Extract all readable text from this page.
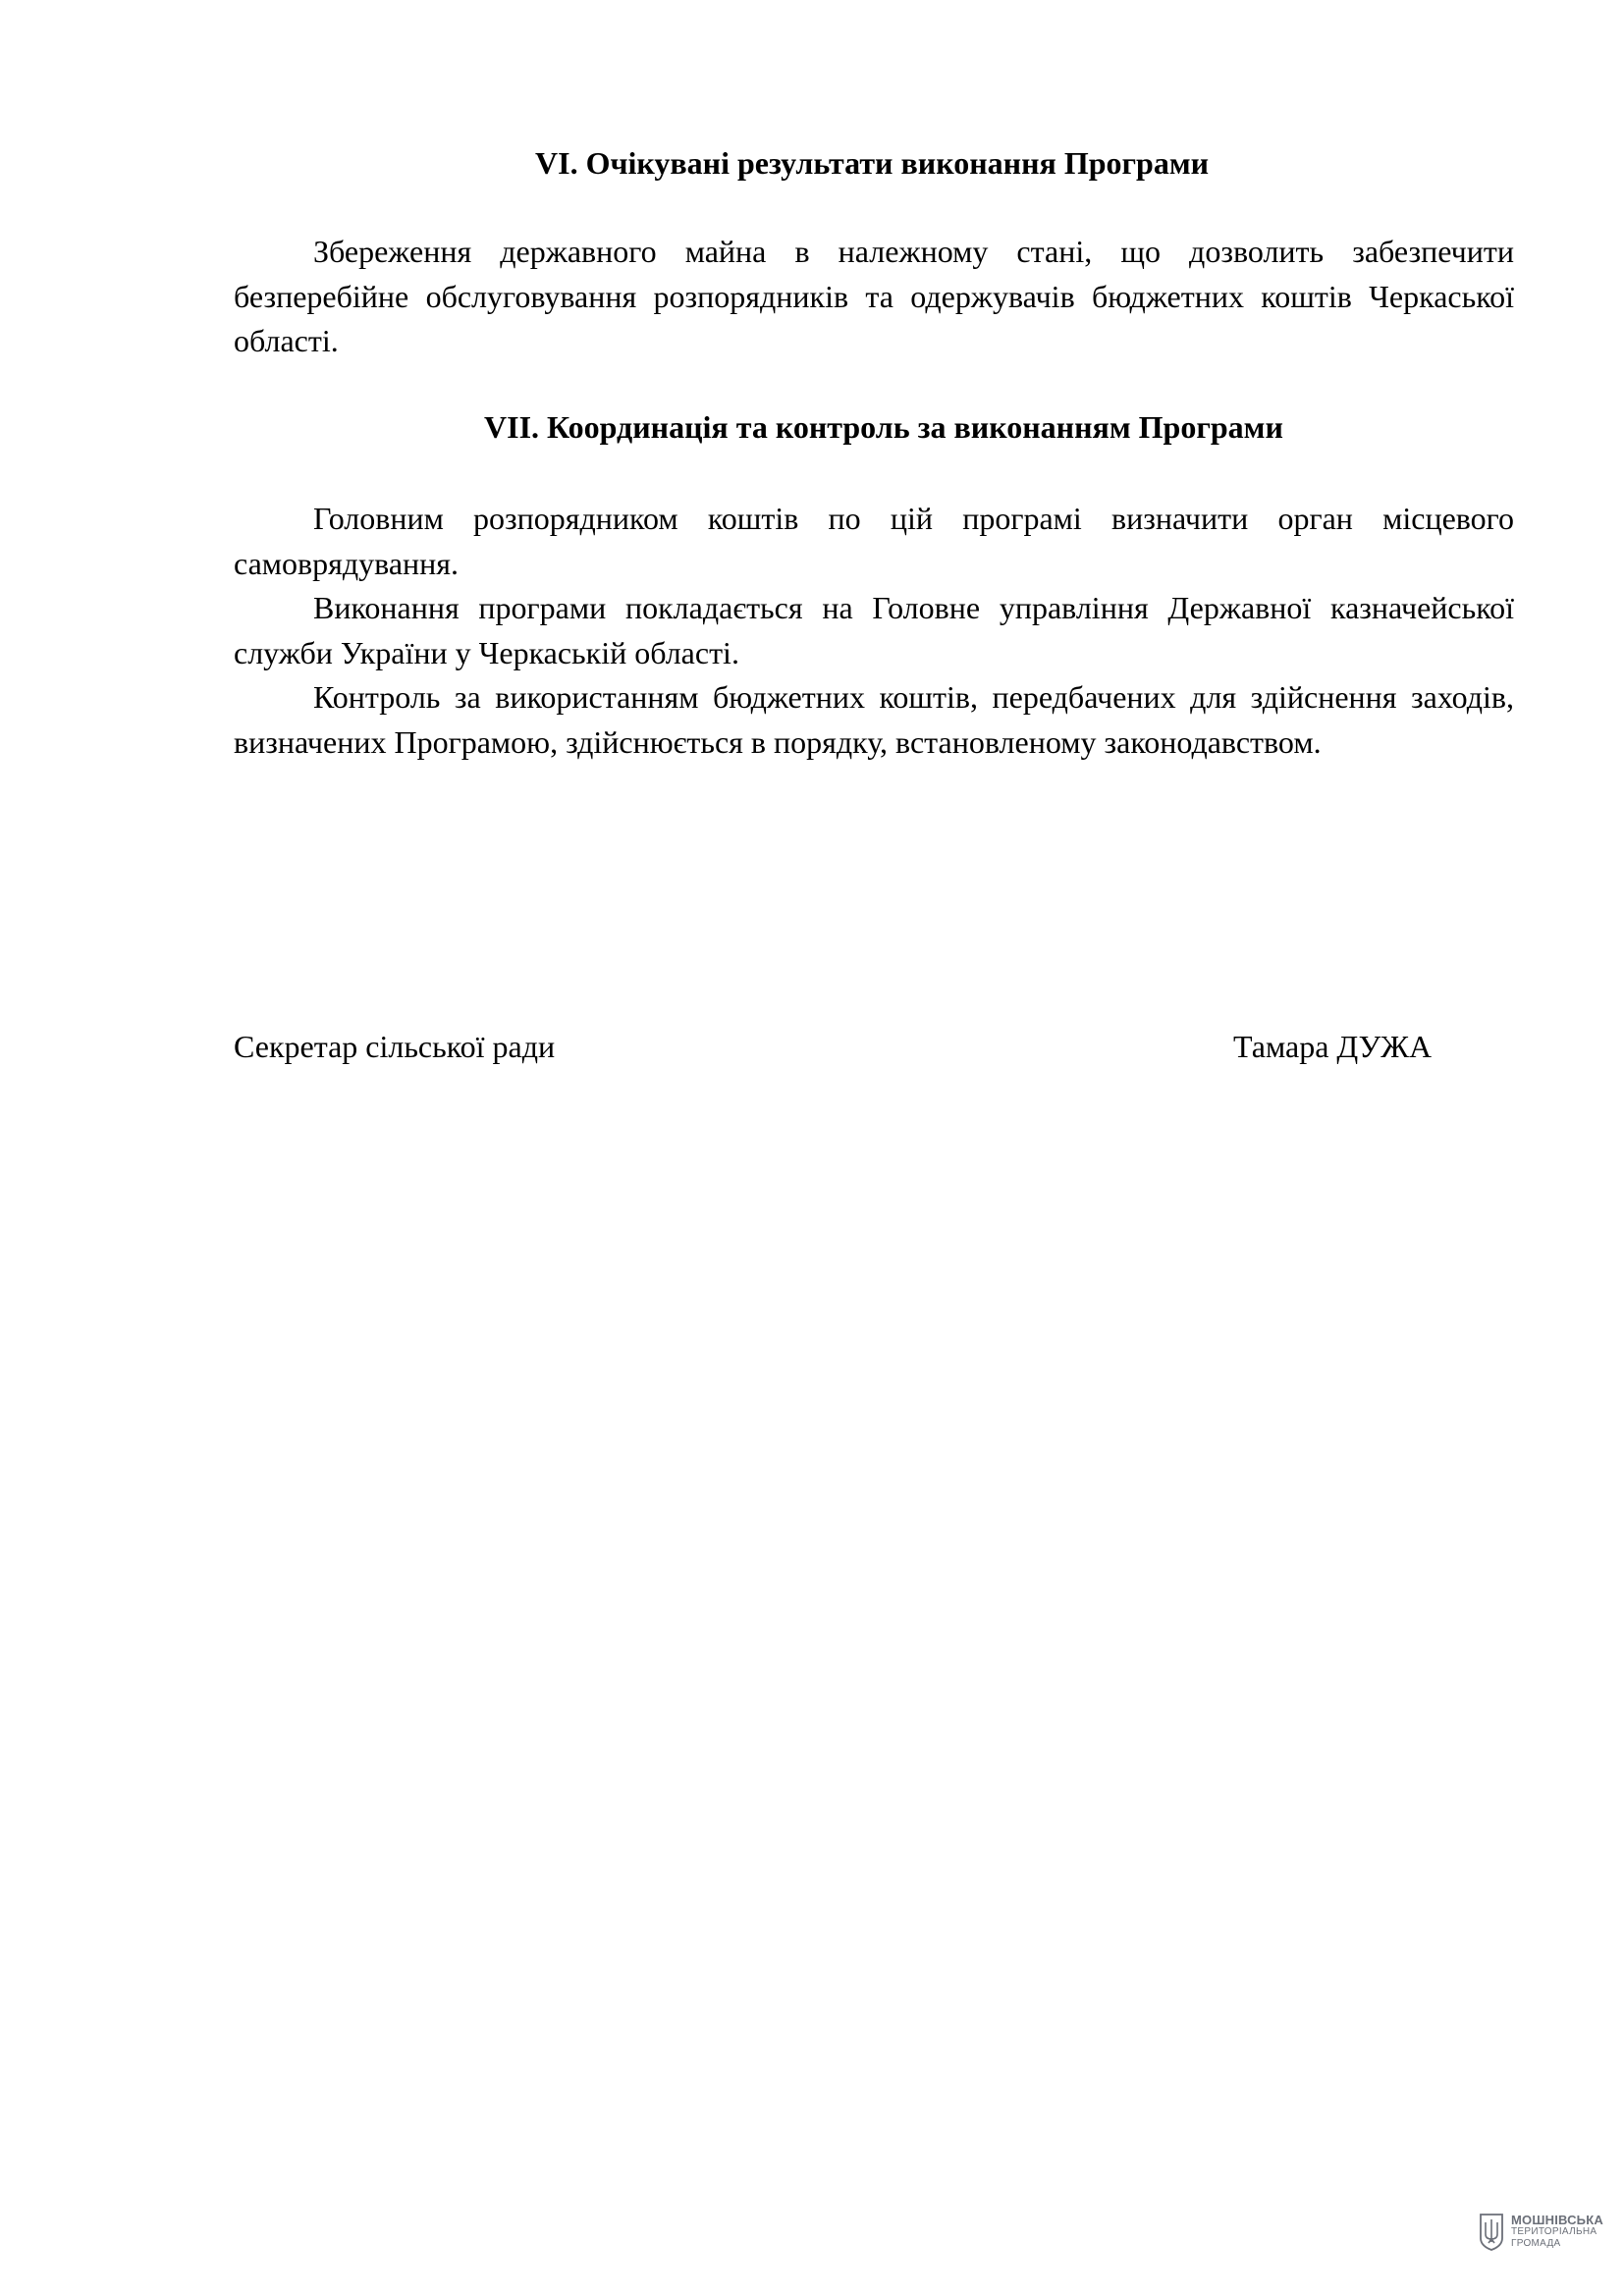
VI. Очікувані результати виконання Програми
Збереження державного майна в належному стані, що дозволить забезпечити безперебійне обслуговування розпорядників та одержувачів бюджетних коштів Черкаської області.
VII. Координація та контроль за виконанням Програми
Головним розпорядником коштів по цій програмі визначити орган місцевого самоврядування.
Виконання програми покладається на Головне управління Державної казначейської служби України у Черкаській області.
Контроль за використанням бюджетних коштів, передбачених для здійснення заходів, визначених Програмою, здійснюється в порядку, встановленому законодавством.
Секретар сільської ради	Тамара ДУЖА
МОШНІВСЬКА
ТЕРИТОРІАЛЬНА
ГРОМАДА
